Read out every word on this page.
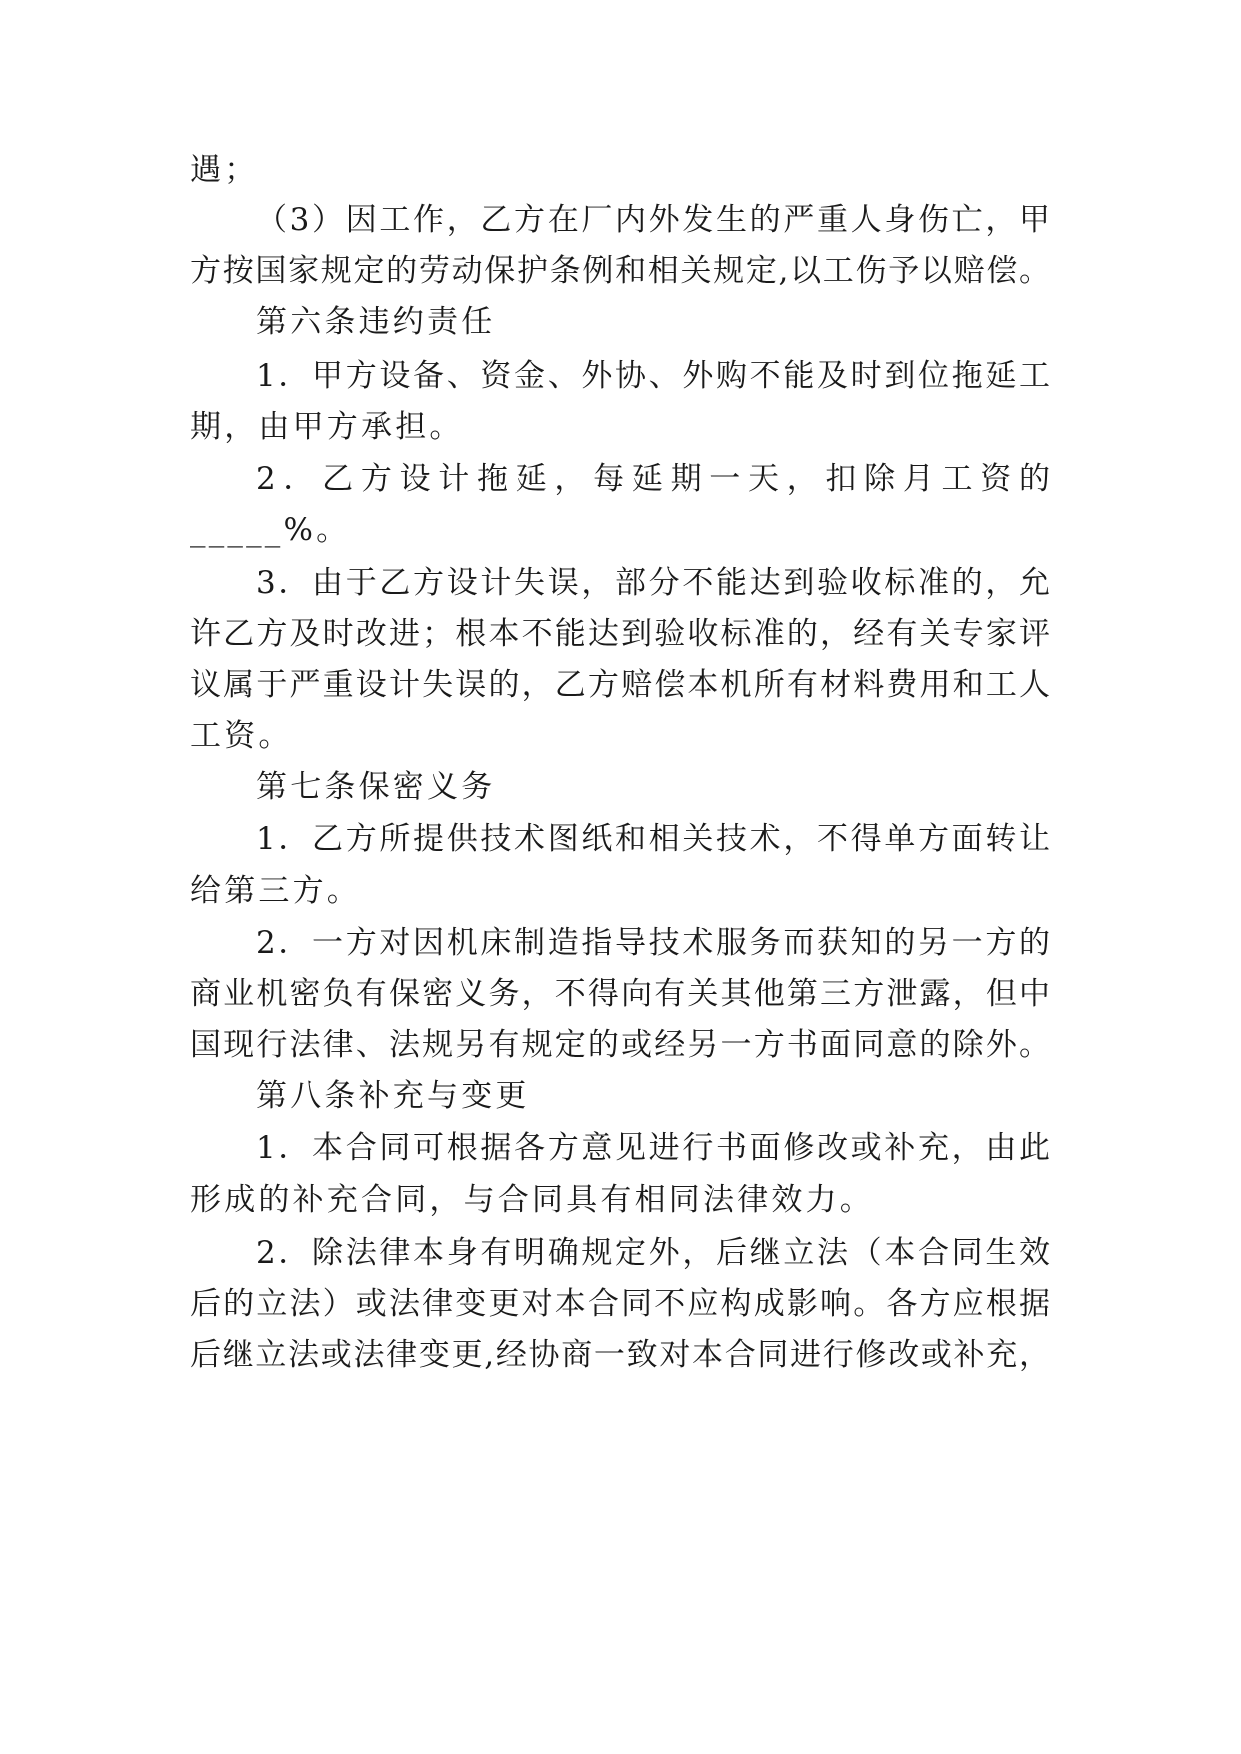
遇；
（3）因工作，乙方在厂内外发生的严重人身伤亡，甲
方按国家规定的劳动保护条例和相关规定,以工伤予以赔偿。
第六条违约责任
1．甲方设备、资金、外协、外购不能及时到位拖延工
期，由甲方承担。
2．乙方设计拖延，每延期一天，扣除月工资的
_____%。
3．由于乙方设计失误，部分不能达到验收标准的，允
许乙方及时改进；根本不能达到验收标准的，经有关专家评
议属于严重设计失误的，乙方赔偿本机所有材料费用和工人
工资。
第七条保密义务
1．乙方所提供技术图纸和相关技术，不得单方面转让
给第三方。
2．一方对因机床制造指导技术服务而获知的另一方的
商业机密负有保密义务，不得向有关其他第三方泄露，但中
国现行法律、法规另有规定的或经另一方书面同意的除外。
第八条补充与变更
1．本合同可根据各方意见进行书面修改或补充，由此
形成的补充合同，与合同具有相同法律效力。
2．除法律本身有明确规定外，后继立法（本合同生效
后的立法）或法律变更对本合同不应构成影响。各方应根据
后继立法或法律变更,经协商一致对本合同进行修改或补充，
